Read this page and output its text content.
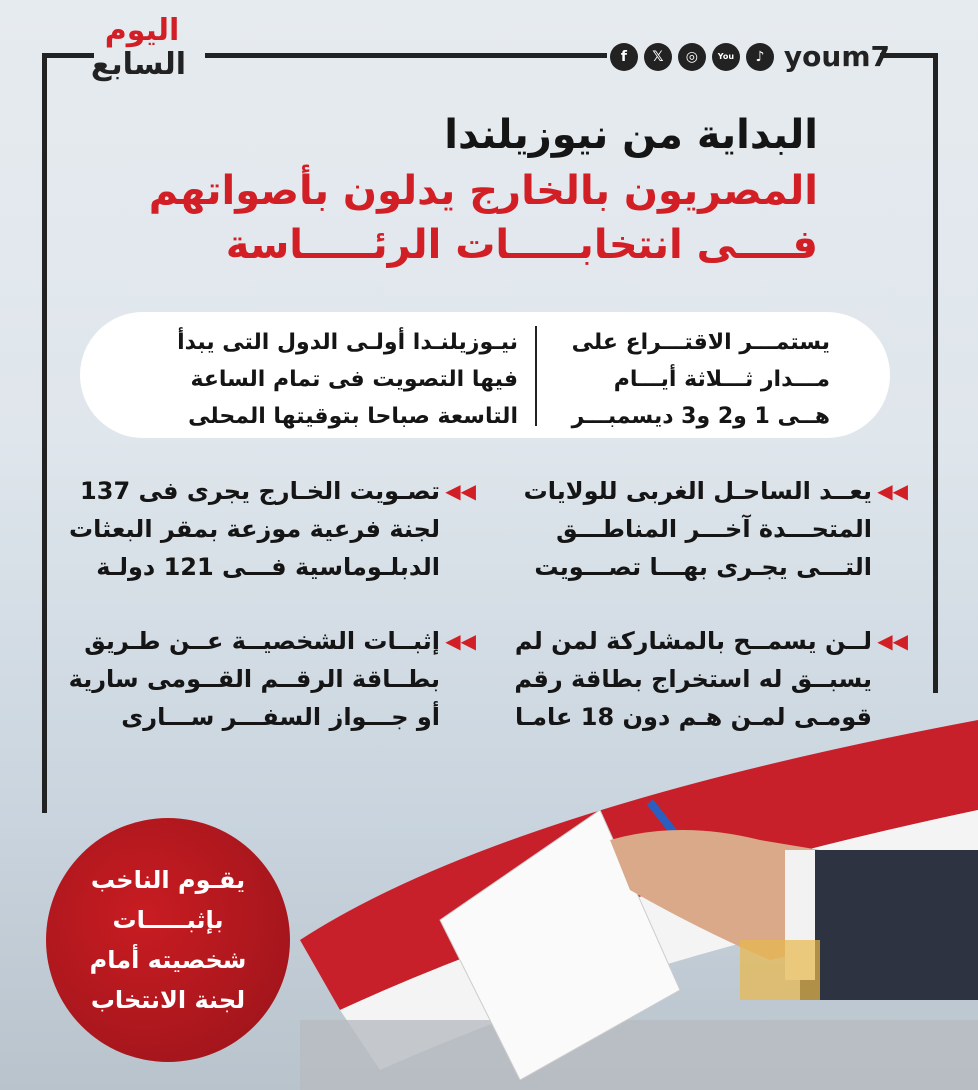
اليوم
السابع	f	𝕏	◎	You	♪ youm7
البداية من نيوزيلندا
المصريون بالخارج يدلون بأصواتهم
فــــى انتخابـــــات الرئـــــاسة
يستمـــر الاقتـــراع على
مـــدار ثـــلاثة أيـــام
هــى 1 و2 و3 ديسمبـــر
نيـوزيلنـدا أولـى الدول التى يبدأ
فيها التصويت فى تمام الساعة
التاسعة صباحا بتوقيتها المحلى
◀◀
يعــد الساحـل الغربى للولايات
المتحـــدة آخـــر المناطـــق
التـــى يجـرى بهـــا تصـــويت
◀◀
تصـويت الخـارج يجرى فى 137
لجنة فرعية موزعة بمقر البعثات
الدبلـوماسية فـــى 121 دولـة
◀◀
لــن يسمــح بالمشاركة لمن لم
يسبــق له استخراج بطاقة رقم
قومـى لمـن هـم دون 18 عامـا
◀◀
إثبــات الشخصيــة عــن طـريق
بطــاقة الرقــم القــومى سارية
أو جـــواز السفـــر ســـارى
يقـوم الناخب
بإثبـــــات
شخصيته أمام
لجنة الانتخاب
